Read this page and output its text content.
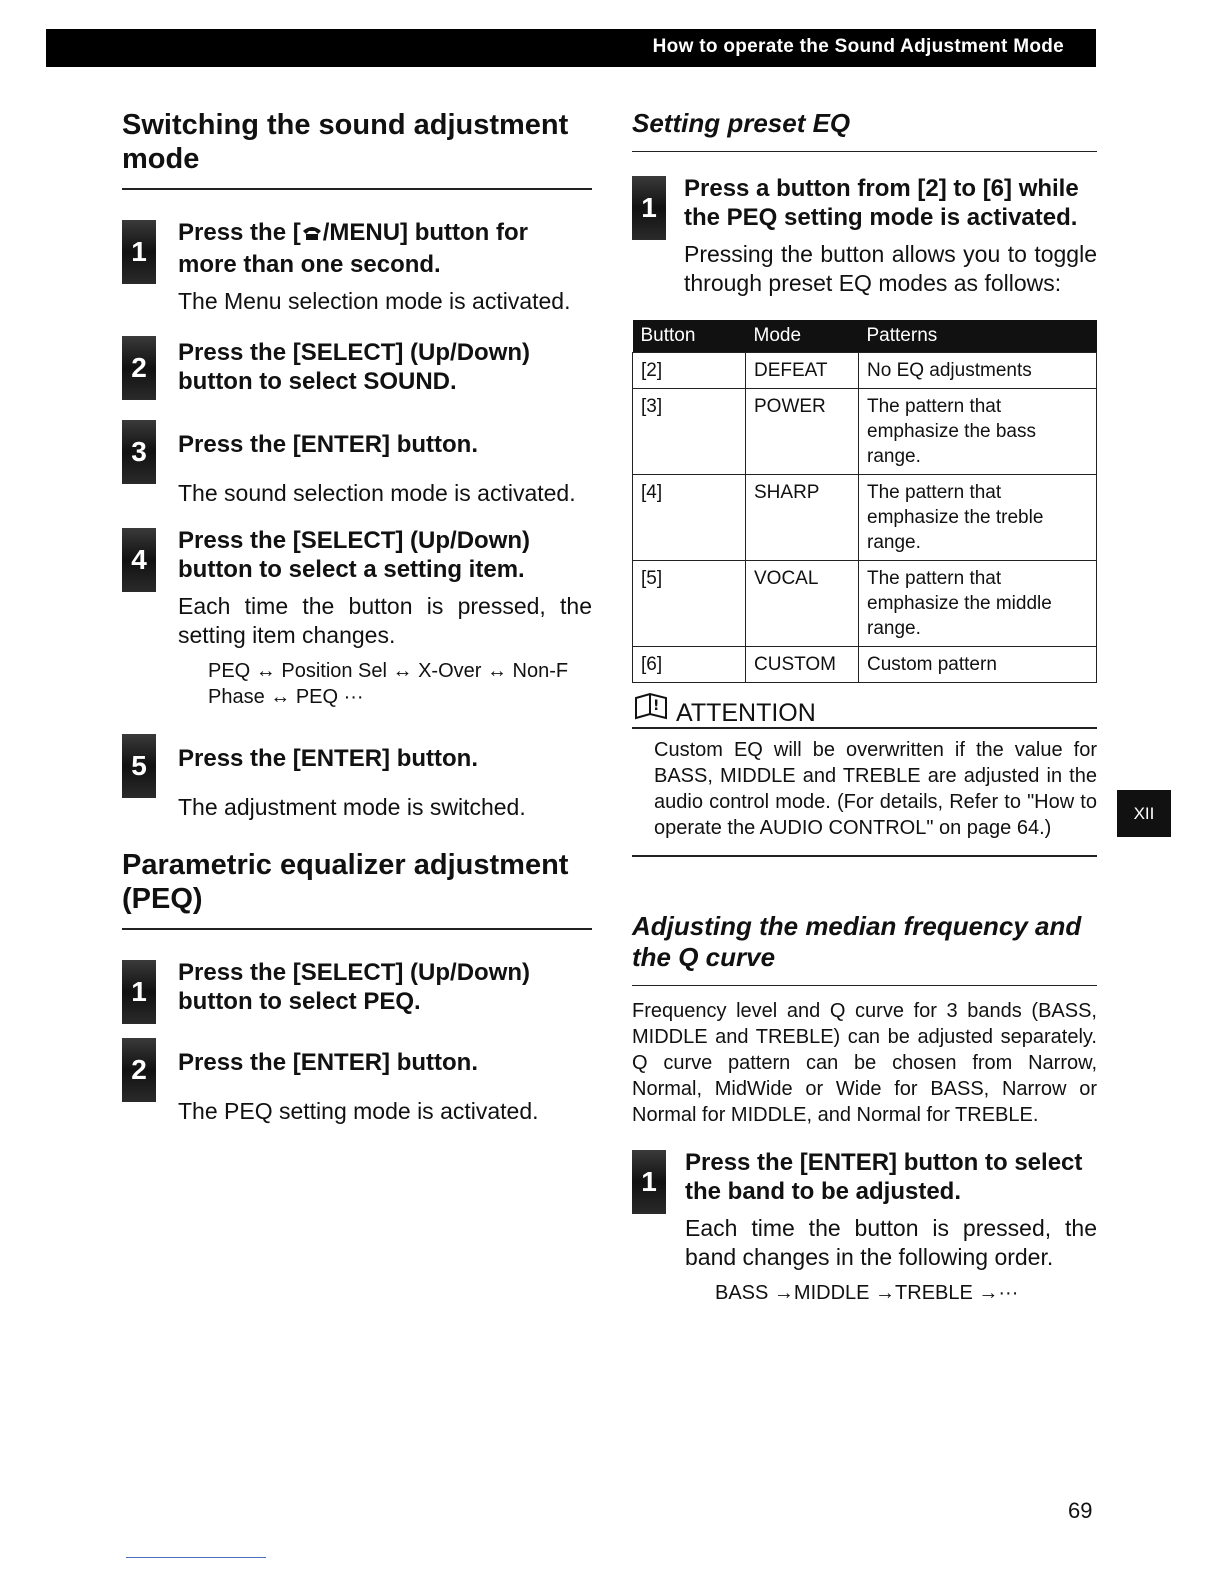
How to operate the Sound Adjustment Mode
Switching the sound adjustment mode
1
Press the [ /MENU] button for more than one second.
The Menu selection mode is activated.
2	Press the [SELECT] (Up/Down) button to select SOUND.
3	Press the [ENTER] button.
The sound selection mode is activated.
4
Press the [SELECT] (Up/Down) button to select a setting item.
Each time the button is pressed, the setting item changes.
PEQ ↔ Position Sel ↔ X-Over ↔ Non-F Phase ↔ PEQ ···
5	Press the [ENTER] button.
The adjustment mode is switched.
Parametric equalizer adjustment (PEQ)
1
Press the [SELECT] (Up/Down) button to select PEQ.
2	Press the [ENTER] button.
The PEQ setting mode is activated.
Setting preset EQ
1
Press a button from [2] to [6] while the PEQ setting mode is activated.
Pressing the button allows you to toggle through preset EQ modes as follows:
Button	Mode	Patterns
[2]	DEFEAT	No EQ adjustments
[3]	POWER	The pattern that emphasize the bass range.
[4]	SHARP	The pattern that emphasize the treble range.
[5]	VOCAL	The pattern that emphasize the middle range.
[6]	CUSTOM	Custom pattern
! ATTENTION
Custom EQ will be overwritten if the value for BASS, MIDDLE and TREBLE are adjusted in the audio control mode. (For details, Refer to "How to operate the AUDIO CONTROL" on page 64.)
Adjusting the median frequency and the Q curve

Frequency level and Q curve for 3 bands (BASS, MIDDLE and TREBLE) can be adjusted separately. Q curve pattern can be chosen from Narrow, Normal, MidWide or Wide for BASS, Narrow or Normal for MIDDLE, and Normal for TREBLE.

1
Press the [ENTER] button to select the band to be adjusted.
Each time the button is pressed, the band changes in the following order.
BASS →MIDDLE →TREBLE →···
XII
69
